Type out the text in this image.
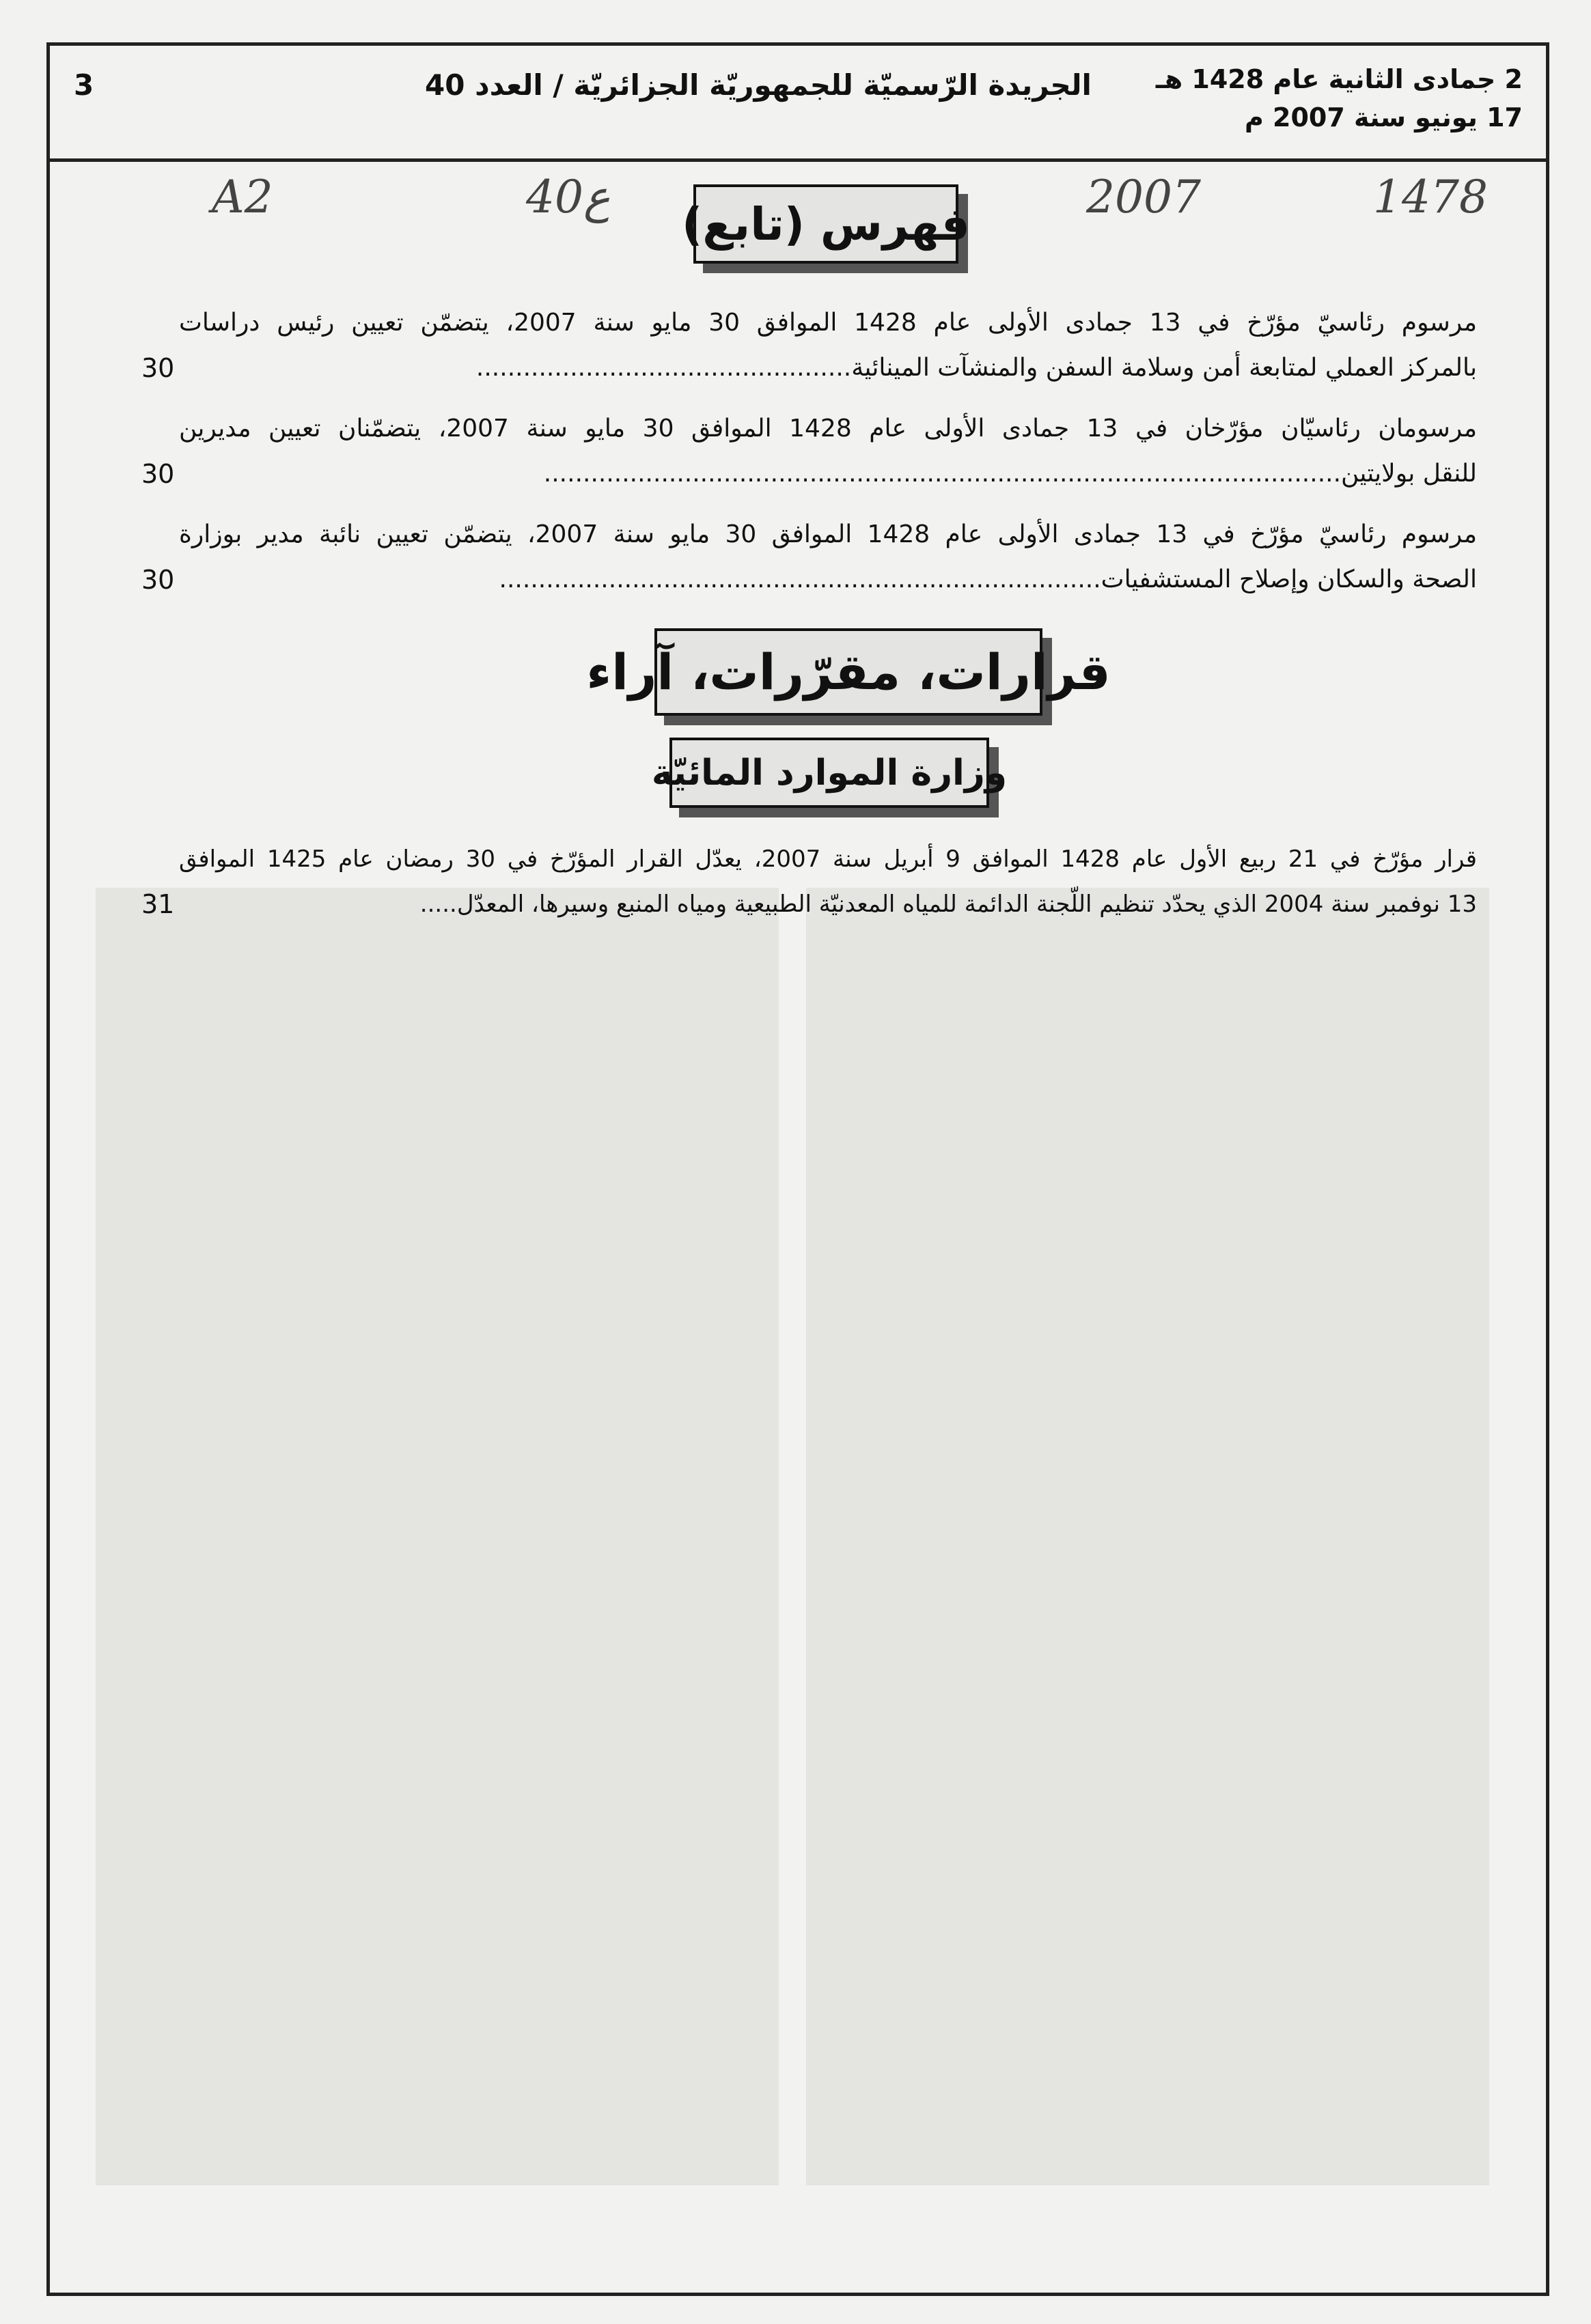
3	الجريدة الرّسميّة للجمهوريّة الجزائريّة / العدد 40 2 جمادى الثانية عام 1428 هـ
17 يونيو سنة 2007 م
A2	40ع	2007	1478
فهرس (تابع)
مرسوم رئاسيّ مؤرّخ في 13 جمادى الأولى عام 1428 الموافق 30 مايو سنة 2007، يتضمّن تعيين رئيس دراسات
بالمركز العملي لمتابعة أمن وسلامة السفن والمنشآت المينائية................................................
30
مرسومان رئاسيّان مؤرّخان في 13 جمادى الأولى عام 1428 الموافق 30 مايو سنة 2007، يتضمّنان تعيين مديرين
للنقل بولايتين......................................................................................................
30
مرسوم رئاسيّ مؤرّخ في 13 جمادى الأولى عام 1428 الموافق 30 مايو سنة 2007، يتضمّن تعيين نائبة مدير بوزارة
الصحة والسكان وإصلاح المستشفيات.............................................................................
30
قرارات، مقرّرات، آراء
وزارة الموارد المائيّة
قرار مؤرّخ في 21 ربيع الأول عام 1428 الموافق 9 أبريل سنة 2007، يعدّل القرار المؤرّخ في 30 رمضان عام 1425 الموافق
13 نوفمبر سنة 2004 الذي يحدّد تنظيم اللّجنة الدائمة للمياه المعدنيّة الطبيعية ومياه المنبع وسيرها، المعدّل.....
31
